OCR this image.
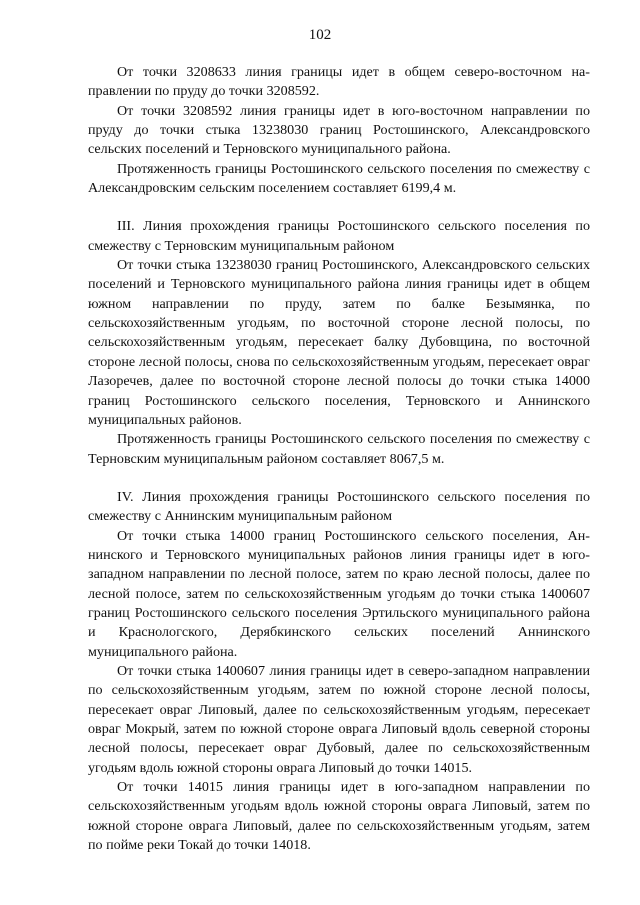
102

От точки 3208633 линия границы идет в общем северо-восточном направлении по пруду до точки 3208592.

От точки 3208592 линия границы идет в юго-восточном направлении по пруду до точки стыка 13238030 границ Ростошинского, Александровского сельских поселений и Терновского муниципального района.

Протяженность границы Ростошинского сельского поселения по смежеству с Александровским сельским поселением составляет 6199,4 м.

III. Линия прохождения границы Ростошинского сельского поселения по смежеству с Терновским муниципальным районом

От точки стыка 13238030 границ Ростошинского, Александровского сельских поселений и Терновского муниципального района линия границы идет в общем южном направлении по пруду, затем по балке Безымянка, по сельскохозяйственным угодьям, по восточной стороне лесной полосы, по сельскохозяйственным угодьям, пересекает балку Дубовщина, по восточной стороне лесной полосы, снова по сельскохозяйственным угодьям, пересекает овраг Лазоречев, далее по восточной стороне лесной полосы до точки стыка 14000 границ Ростошинского сельского поселения, Терновского и Аннинского муниципальных районов.

Протяженность границы Ростошинского сельского поселения по смежеству с Терновским муниципальным районом составляет 8067,5 м.

IV. Линия прохождения границы Ростошинского сельского поселения по смежеству с Аннинским муниципальным районом

От точки стыка 14000 границ Ростошинского сельского поселения, Аннинского и Терновского муниципальных районов линия границы идет в юго-западном направлении по лесной полосе, затем по краю лесной полосы, далее по лесной полосе, затем по сельскохозяйственным угодьям до точки стыка 1400607 границ Ростошинского сельского поселения Эртильского муниципального района и Краснологского, Дерябкинского сельских поселений Аннинского муниципального района.

От точки стыка 1400607 линия границы идет в северо-западном направлении по сельскохозяйственным угодьям, затем по южной стороне лесной полосы, пересекает овраг Липовый, далее по сельскохозяйственным угодьям, пересекает овраг Мокрый, затем по южной стороне оврага Липовый вдоль северной стороны лесной полосы, пересекает овраг Дубовый, далее по сельскохозяйственным угодьям вдоль южной стороны оврага Липовый до точки 14015.

От точки 14015 линия границы идет в юго-западном направлении по сельскохозяйственным угодьям вдоль южной стороны оврага Липовый, затем по южной стороне оврага Липовый, далее по сельскохозяйственным угодьям, затем по пойме реки Токай до точки 14018.
